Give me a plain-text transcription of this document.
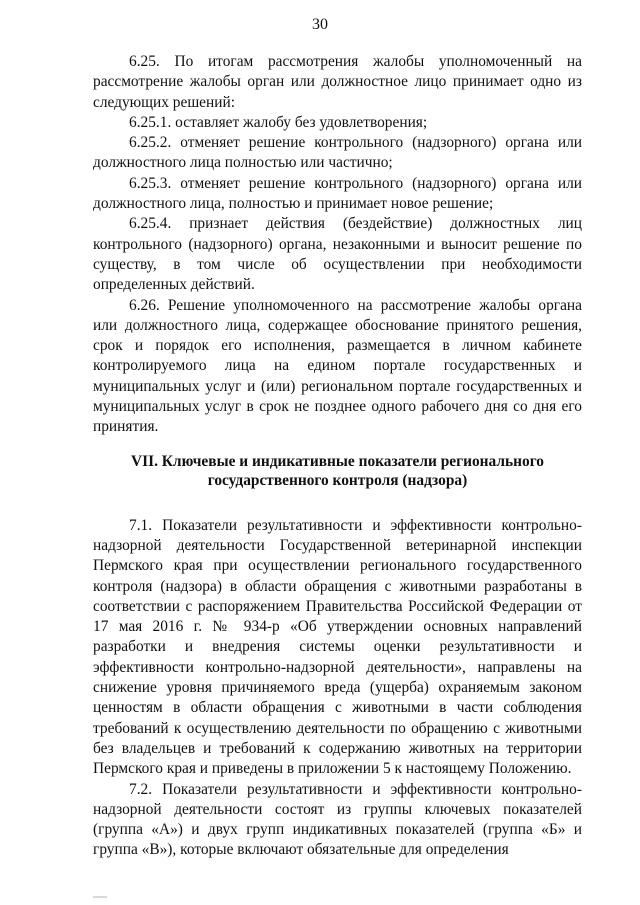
30

6.25. По итогам рассмотрения жалобы уполномоченный на рассмотрение жалобы орган или должностное лицо принимает одно из следующих решений:

6.25.1. оставляет жалобу без удовлетворения;

6.25.2. отменяет решение контрольного (надзорного) органа или должностного лица полностью или частично;

6.25.3. отменяет решение контрольного (надзорного) органа или должностного лица, полностью и принимает новое решение;

6.25.4. признает действия (бездействие) должностных лиц контрольного (надзорного) органа, незаконными и выносит решение по существу, в том числе об осуществлении при необходимости определенных действий.

6.26. Решение уполномоченного на рассмотрение жалобы органа или должностного лица, содержащее обоснование принятого решения, срок и порядок его исполнения, размещается в личном кабинете контролируемого лица на едином портале государственных и муниципальных услуг и (или) региональном портале государственных и муниципальных услуг в срок не позднее одного рабочего дня со дня его принятия.

VII. Ключевые и индикативные показатели регионального
государственного контроля (надзора)

7.1. Показатели результативности и эффективности контрольно-надзорной деятельности Государственной ветеринарной инспекции Пермского края при осуществлении регионального государственного контроля (надзора) в области обращения с животными разработаны в соответствии с распоряжением Правительства Российской Федерации от 17 мая 2016 г. № 934-р «Об утверждении основных направлений разработки и внедрения системы оценки результативности и эффективности контрольно-надзорной деятельности», направлены на снижение уровня причиняемого вреда (ущерба) охраняемым законом ценностям в области обращения с животными в части соблюдения требований к осуществлению деятельности по обращению с животными без владельцев и требований к содержанию животных на территории Пермского края и приведены в приложении 5 к настоящему Положению.

7.2. Показатели результативности и эффективности контрольно-надзорной деятельности состоят из группы ключевых показателей (группа «А») и двух групп индикативных показателей (группа «Б» и группа «В»), которые включают обязательные для определения
